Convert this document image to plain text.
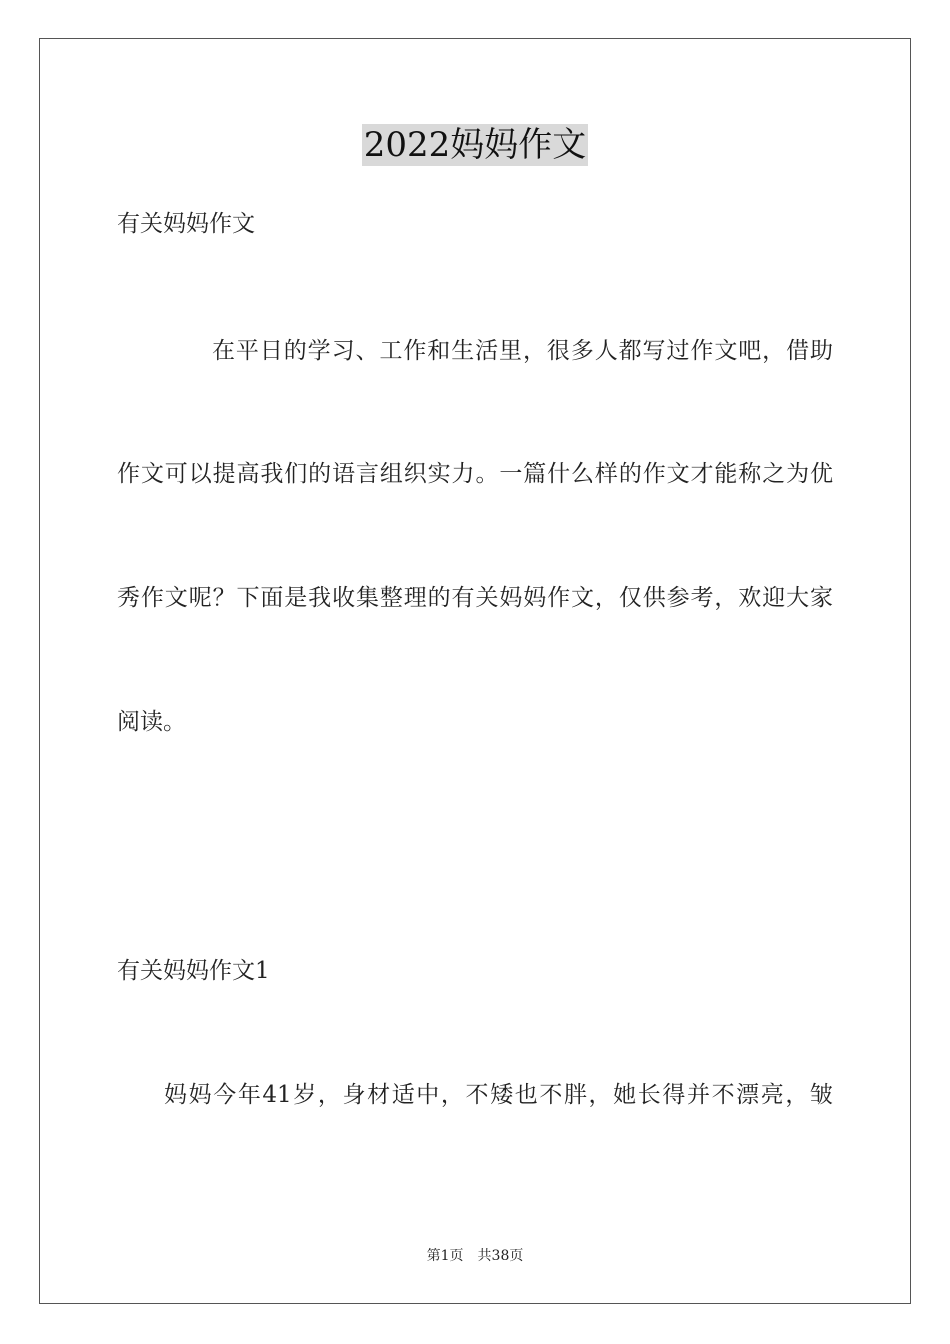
2022妈妈作文
有关妈妈作文
在平日的学习、工作和生活里，很多人都写过作文吧，借助
作文可以提高我们的语言组织实力。一篇什么样的作文才能称之为优
秀作文呢？下面是我收集整理的有关妈妈作文，仅供参考，欢迎大家
阅读。
有关妈妈作文1
妈妈今年41岁，身材适中，不矮也不胖，她长得并不漂亮，皱
第1页 共38页
